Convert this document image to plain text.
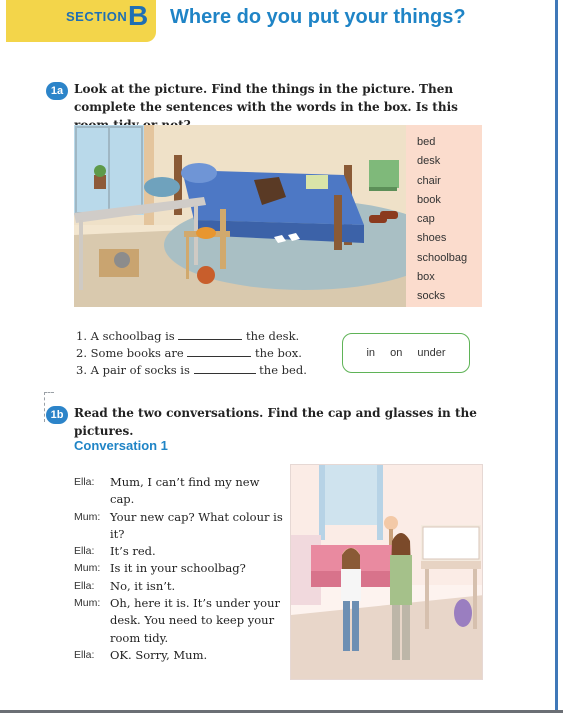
SECTION B Where do you put your things?
1a Look at the picture. Find the things in the picture. Then complete the sentences with the words in the box. Is this
bed
desk
chair
book
cap
shoes
schoolbag
box
socks
1. A schoolbag is	the desk.
2. Some books are	the box.
3. A pair of socks is	the bed.
in on under
1b Read the two conversations. Find the cap and glasses in the pictures.
Conversation 1
Ella:	Mum, I can’t find my new cap.
Mum: Your new cap? What colour is it?
Ella:	It’s red.
Mum: Is it in your schoolbag?
Ella:	No, it isn’t.
Mum: Oh, here it is. It’s under your desk. You need to keep your room tidy.
Ella:	OK. Sorry, Mum.
